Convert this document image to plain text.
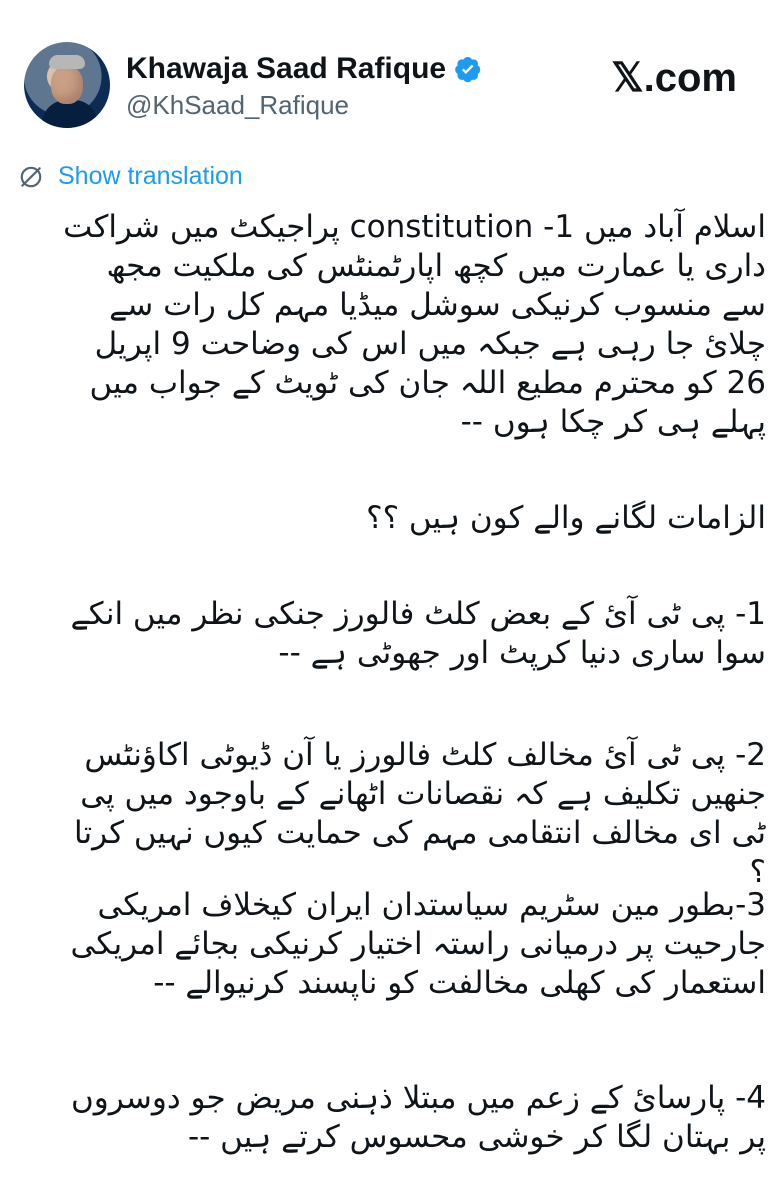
Khawaja Saad Rafique
@KhSaad_Rafique
𝕏.com
Show translation

اسلام آباد میں 1- constitution پراجیکٹ میں شراکت داری یا عمارت میں کچھ اپارٹمنٹس کی ملکیت مجھ سے منسوب کرنیکی سوشل میڈیا مہم کل رات سے چلائ جا رہی ہے جبکہ میں اس کی وضاحت 9 اپریل 26 کو محترم مطیع اللہ جان کی ٹویٹ کے جواب میں پہلے ہی کر چکا ہوں --

الزامات لگانے والے کون ہیں ؟؟

1- پی ٹی آئ کے بعض کلٹ فالورز جنکی نظر میں انکے سوا ساری دنیا کرپٹ اور جھوٹی ہے --

2- پی ٹی آئ مخالف کلٹ فالورز یا آن ڈیوٹی اکاؤنٹس جنھیں تکلیف ہے کہ نقصانات اٹھانے کے باوجود میں پی ٹی ای مخالف انتقامی مہم کی حمایت کیوں نہیں کرتا ؟

3-بطور مین سٹریم سیاستدان ایران کیخلاف امریکی جارحیت پر درمیانی راستہ اختیار کرنیکی بجائے امریکی استعمار کی کھلی مخالفت کو ناپسند کرنیوالے --

4- پارسائ کے زعم میں مبتلا ذہنی مریض جو دوسروں پر بہتان لگا کر خوشی محسوس کرتے ہیں --
